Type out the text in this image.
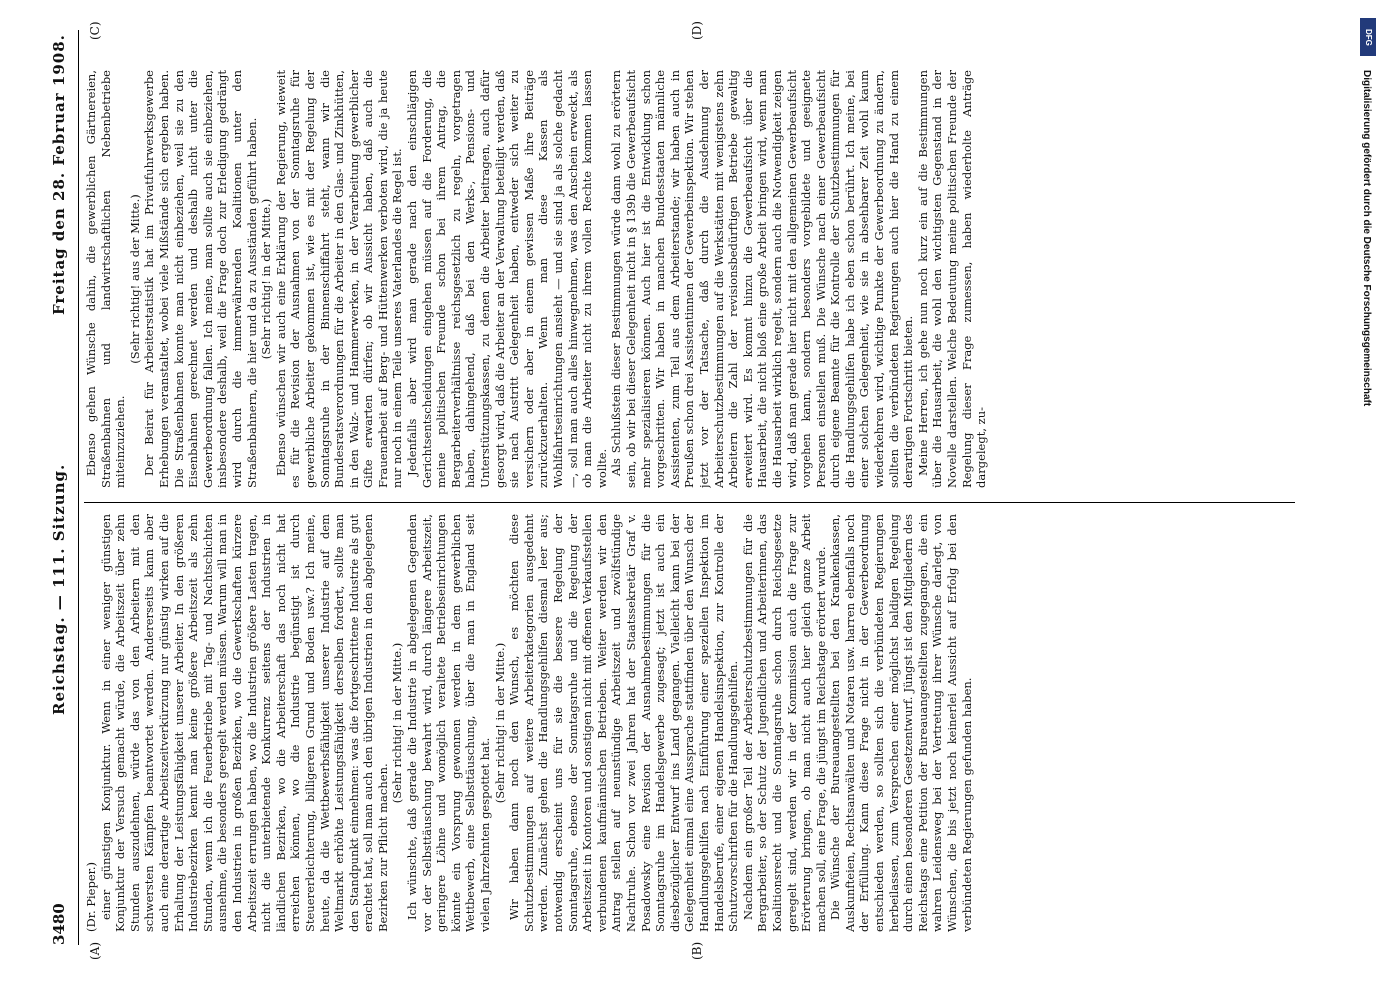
3480
Reichstag. — 111. Sitzung.
Freitag den 28. Februar 1908.
(A)	(B)
(C)	(D)

(Dr. Pieper.) einer günstigen Konjunktur. Wenn in einer weniger günstigen Konjunktur der Versuch gemacht würde, die Arbeitszeit über zehn Stunden auszudehnen, würde das von den Arbeitern mit den schwersten Kämpfen beantwortet werden. Andererseits kann aber auch eine derartige Arbeitszeitverkürzung nur günstig wirken auf die Erhaltung der Leistungsfähigkeit unserer Arbeiter. In den größeren Industriebezirken kennt man keine größere Arbeitszeit als zehn Stunden, wenn ich die Feuerbetriebe mit Tag- und Nachtschichten ausnehme, die besonders geregelt werden müssen. Warum will man in den Industrien in großen Bezirken, wo die Gewerkschaften kürzere Arbeitszeit errungen haben, wo die Industrien größere Lasten tragen, nicht die unterbietende Konkurrenz seitens der Industrien in ländlichen Bezirken, wo die Arbeiterschaft das noch nicht hat erreichen können, wo die Industrie begünstigt ist durch Steuererleichterung, billigeren Grund und Boden usw.? Ich meine, heute, da die Wettbewerbsfähigkeit unserer Industrie auf dem Weltmarkt erhöhte Leistungsfähigkeit derselben fordert, sollte man den Standpunkt einnehmen: was die fortgeschrittene Industrie als gut erachtet hat, soll man auch den übrigen Industrien in den abgelegenen Bezirken zur Pflicht machen.

(Sehr richtig! in der Mitte.) Ich wünschte, daß gerade die Industrie in abgelegenen Gegenden vor der Selbsttäuschung bewahrt wird, durch längere Arbeitszeit, geringere Löhne und womöglich veraltete Betriebseinrichtungen könnte ein Vorsprung gewonnen werden in dem gewerblichen Wettbewerb, eine Selbsttäuschung, über die man in England seit vielen Jahrzehnten gespottet hat.

(Sehr richtig! in der Mitte.) Wir haben dann noch den Wunsch, es möchten diese Schutzbestimmungen auf weitere Arbeiterkategorien ausgedehnt werden. Zunächst gehen die Handlungsgehilfen diesmal leer aus; notwendig erscheint uns für sie die bessere Regelung der Sonntagsruhe, ebenso der Sonntagsruhe und die Regelung der Arbeitszeit in Kontoren und sonstigen nicht mit offenen Verkaufsstellen verbundenen kaufmännischen Betrieben. Weiter werden wir den Antrag stellen auf neunstündige Arbeitszeit und zwölfstündige Nachtruhe. Schon vor zwei Jahren hat der Staatssekretär Graf v. Posadowsky eine Revision der Ausnahmebestimmungen für die Sonntagsruhe im Handelsgewerbe zugesagt; jetzt ist auch ein diesbezüglicher Entwurf ins Land gegangen. Vielleicht kann bei der Gelegenheit einmal eine Aussprache stattfinden über den Wunsch der Handlungsgehilfen nach Einführung einer speziellen Inspektion im Handelsberufe, einer eigenen Handelsinspektion, zur Kontrolle der Schutzvorschriften für die Handlungsgehilfen. Nachdem ein großer Teil der Arbeiterschutzbestimmungen für die Bergarbeiter, so der Schutz der Jugendlichen und Arbeiterinnen, das Koalitionsrecht und die Sonntagsruhe schon durch Reichsgesetze geregelt sind, werden wir in der Kommission auch die Frage zur Erörterung bringen, ob man nicht auch hier gleich ganze Arbeit machen soll, eine Frage, die jüngst im Reichstage erörtert wurde. Die Wünsche der Bureauangestellten bei den Krankenkassen, Auskunfteien, Rechtsanwälten und Notaren usw. harren ebenfalls noch der Erfüllung. Kann diese Frage nicht in der Gewerbeordnung entschieden werden, so sollten sich die verbündeten Regierungen herbeilassen, zum Versprechen einer möglichst baldigen Regelung durch einen besonderen Gesetzentwurf. Jüngst ist den Mitgliedern des Reichstags eine Petition der Bureauangestellten zugegangen, die ein wahren Leidensweg bei der Vertretung ihrer Wünsche darlegt, von Wünschen, die bis jetzt noch keinerlei Aussicht auf Erfolg bei den verbündeten Regierungen gefunden haben.

Ebenso gehen Wünsche dahin, die gewerblichen Gärtnereien, Straßenbahnen und landwirtschaftlichen Nebenbetriebe miteinzuziehen.

(Sehr richtig! aus der Mitte.) Der Beirat für Arbeiterstatistik hat im Privatfuhrwerksgewerbe Erhebungen veranstaltet, wobei viele Mißstände sich ergeben haben. Die Straßenbahnen konnte man nicht einbeziehen, weil sie zu den Eisenbahnen gerechnet werden und deshalb nicht unter die Gewerbeordnung fallen. Ich meine, man sollte auch sie einbeziehen, insbesondere deshalb, weil die Frage doch zur Erledigung gedrängt wird durch die immerwährenden Koalitionen unter den Straßenbahnern, die hier und da zu Ausständen geführt haben. (Sehr richtig! in der Mitte.) Ebenso wünschen wir auch eine Erklärung der Regierung, wieweit es für die Revision der Ausnahmen von der Sonntagsruhe für gewerbliche Arbeiter gekommen ist, wie es mit der Regelung der Sonntagsruhe in der Binnenschiffahrt steht, wann wir die Bundesratsverordnungen für die Arbeiter in den Glas- und Zinkhütten, in den Walz- und Hammerwerken, in der Verarbeitung gewerblicher Gifte erwarten dürfen; ob wir Aussicht haben, daß auch die Frauenarbeit auf Berg- und Hüttenwerken verboten wird, die ja heute nur noch in einem Teile unseres Vaterlandes die Regel ist. Jedenfalls aber wird man gerade nach den einschlägigen Gerichtsentscheidungen eingehen müssen auf die Forderung, die meine politischen Freunde schon bei ihrem Antrag, die Bergarbeiterverhältnisse reichsgesetzlich zu regeln, vorgetragen haben, dahingehend, daß bei den Werks-, Pensions- und Unterstützungskassen, zu denen die Arbeiter beitragen, auch dafür gesorgt wird, daß die Arbeiter an der Verwaltung beteiligt werden, daß sie nach Austritt Gelegenheit haben, entweder sich weiter zu versichern oder aber in einem gewissen Maße ihre Beiträge zurückzuerhalten. Wenn man diese Kassen als Wohlfahrtseinrichtungen ansieht — und sie sind ja als solche gedacht —, soll man auch alles hinwegnehmen, was den Anschein erweckt, als ob man die Arbeiter nicht zu ihrem vollen Rechte kommen lassen wollte. Als Schlußstein dieser Bestimmungen würde dann wohl zu erörtern sein, ob wir bei dieser Gelegenheit nicht in § 139b die Gewerbeaufsicht mehr spezialisieren können. Auch hier ist die Entwicklung schon vorgeschritten. Wir haben in manchen Bundesstaaten männliche Assistenten, zum Teil aus dem Arbeiterstande; wir haben auch in Preußen schon drei Assistentinnen der Gewerbeinspektion. Wir stehen jetzt vor der Tatsache, daß durch die Ausdehnung der Arbeiterschutzbestimmungen auf die Werkstätten mit wenigstens zehn Arbeitern die Zahl der revisionsbedürftigen Betriebe gewaltig erweitert wird. Es kommt hinzu die Gewerbeaufsicht über die Hausarbeit, die nicht bloß eine große Arbeit bringen wird, wenn man die Hausarbeit wirklich regelt, sondern auch die Notwendigkeit zeigen wird, daß man gerade hier nicht mit den allgemeinen Gewerbeaufsicht vorgehen kann, sondern besonders vorgebildete und geeignete Personen einstellen muß. Die Wünsche nach einer Gewerbeaufsicht durch eigene Beamte für die Kontrolle der Schutzbestimmungen für die Handlungsgehilfen habe ich eben schon berührt. Ich meine, bei einer solchen Gelegenheit, wie sie in absehbarer Zeit wohl kaum wiederkehren wird, wichtige Punkte der Gewerbeordnung zu ändern, sollten die verbündeten Regierungen auch hier die Hand zu einem derartigen Fortschritt bieten. Meine Herren, ich gehe nun noch kurz ein auf die Bestimmungen über die Hausarbeit, die wohl den wichtigsten Gegenstand in der Novelle darstellen. Welche Bedeutung meine politischen Freunde der Regelung dieser Frage zumessen, haben wiederholte Anträge dargelegt, zu-

DFG
Digitalisierung gefördert durch die Deutsche Forschungsgemeinschaft
